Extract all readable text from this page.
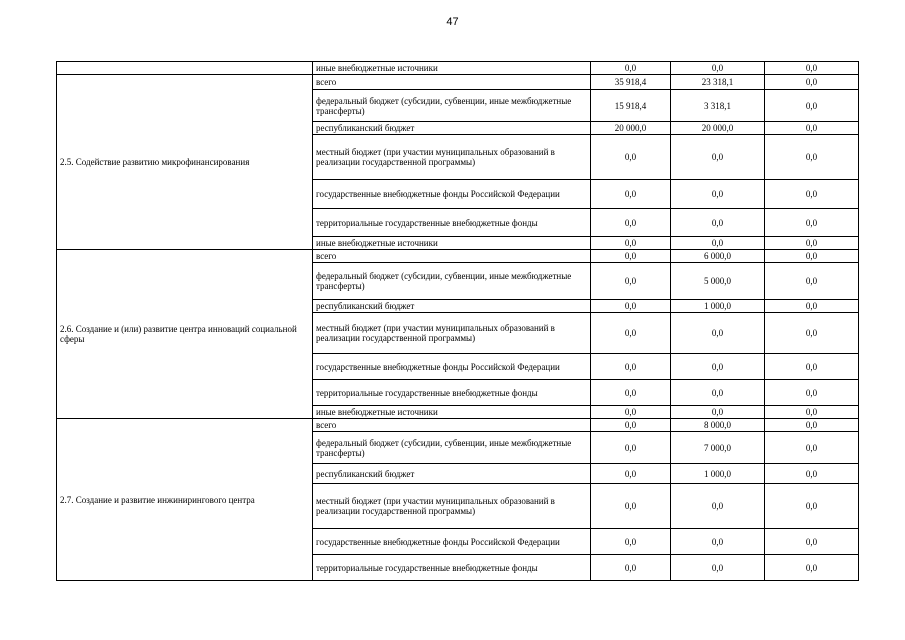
47
	иные внебюджетные источники	0,0	0,0	0,0
2.5. Содействие развитию микрофинансирования	всего	35 918,4	23 318,1	0,0
	федеральный бюджет (субсидии, субвенции, иные межбюджетные трансферты)	15 918,4	3 318,1	0,0
	республиканский бюджет	20 000,0	20 000,0	0,0
	местный бюджет (при участии муниципальных образований в реализации государственной программы)	0,0	0,0	0,0
	государственные внебюджетные фонды Российской Федерации	0,0	0,0	0,0
	территориальные государственные внебюджетные фонды	0,0	0,0	0,0
	иные внебюджетные источники	0,0	0,0	0,0
2.6. Создание и (или) развитие центра инноваций социальной сферы	всего	0,0	6 000,0	0,0
	федеральный бюджет (субсидии, субвенции, иные межбюджетные трансферты)	0,0	5 000,0	0,0
	республиканский бюджет	0,0	1 000,0	0,0
	местный бюджет (при участии муниципальных образований в реализации государственной программы)	0,0	0,0	0,0
	государственные внебюджетные фонды Российской Федерации	0,0	0,0	0,0
	территориальные государственные внебюджетные фонды	0,0	0,0	0,0
	иные внебюджетные источники	0,0	0,0	0,0
2.7. Создание и развитие инжинирингового центра	всего	0,0	8 000,0	0,0
	федеральный бюджет (субсидии, субвенции, иные межбюджетные трансферты)	0,0	7 000,0	0,0
	республиканский бюджет	0,0	1 000,0	0,0
	местный бюджет (при участии муниципальных образований в реализации государственной программы)	0,0	0,0	0,0
	государственные внебюджетные фонды Российской Федерации	0,0	0,0	0,0
	территориальные государственные внебюджетные фонды	0,0	0,0	0,0
